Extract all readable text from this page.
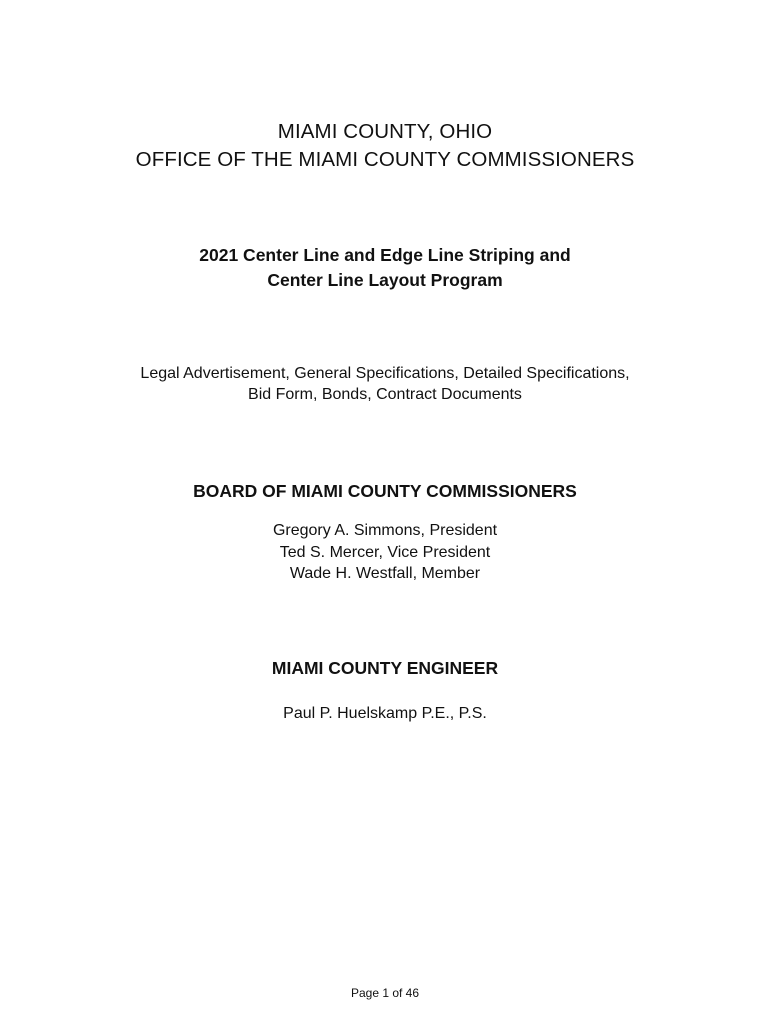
MIAMI COUNTY, OHIO
OFFICE OF THE MIAMI COUNTY COMMISSIONERS
2021 Center Line and Edge Line Striping and
Center Line Layout Program
Legal Advertisement, General Specifications, Detailed Specifications,
Bid Form, Bonds, Contract Documents
BOARD OF MIAMI COUNTY COMMISSIONERS
Gregory A. Simmons, President
Ted S. Mercer, Vice President
Wade H. Westfall, Member
MIAMI COUNTY ENGINEER
Paul P. Huelskamp P.E., P.S.
Page 1 of 46
